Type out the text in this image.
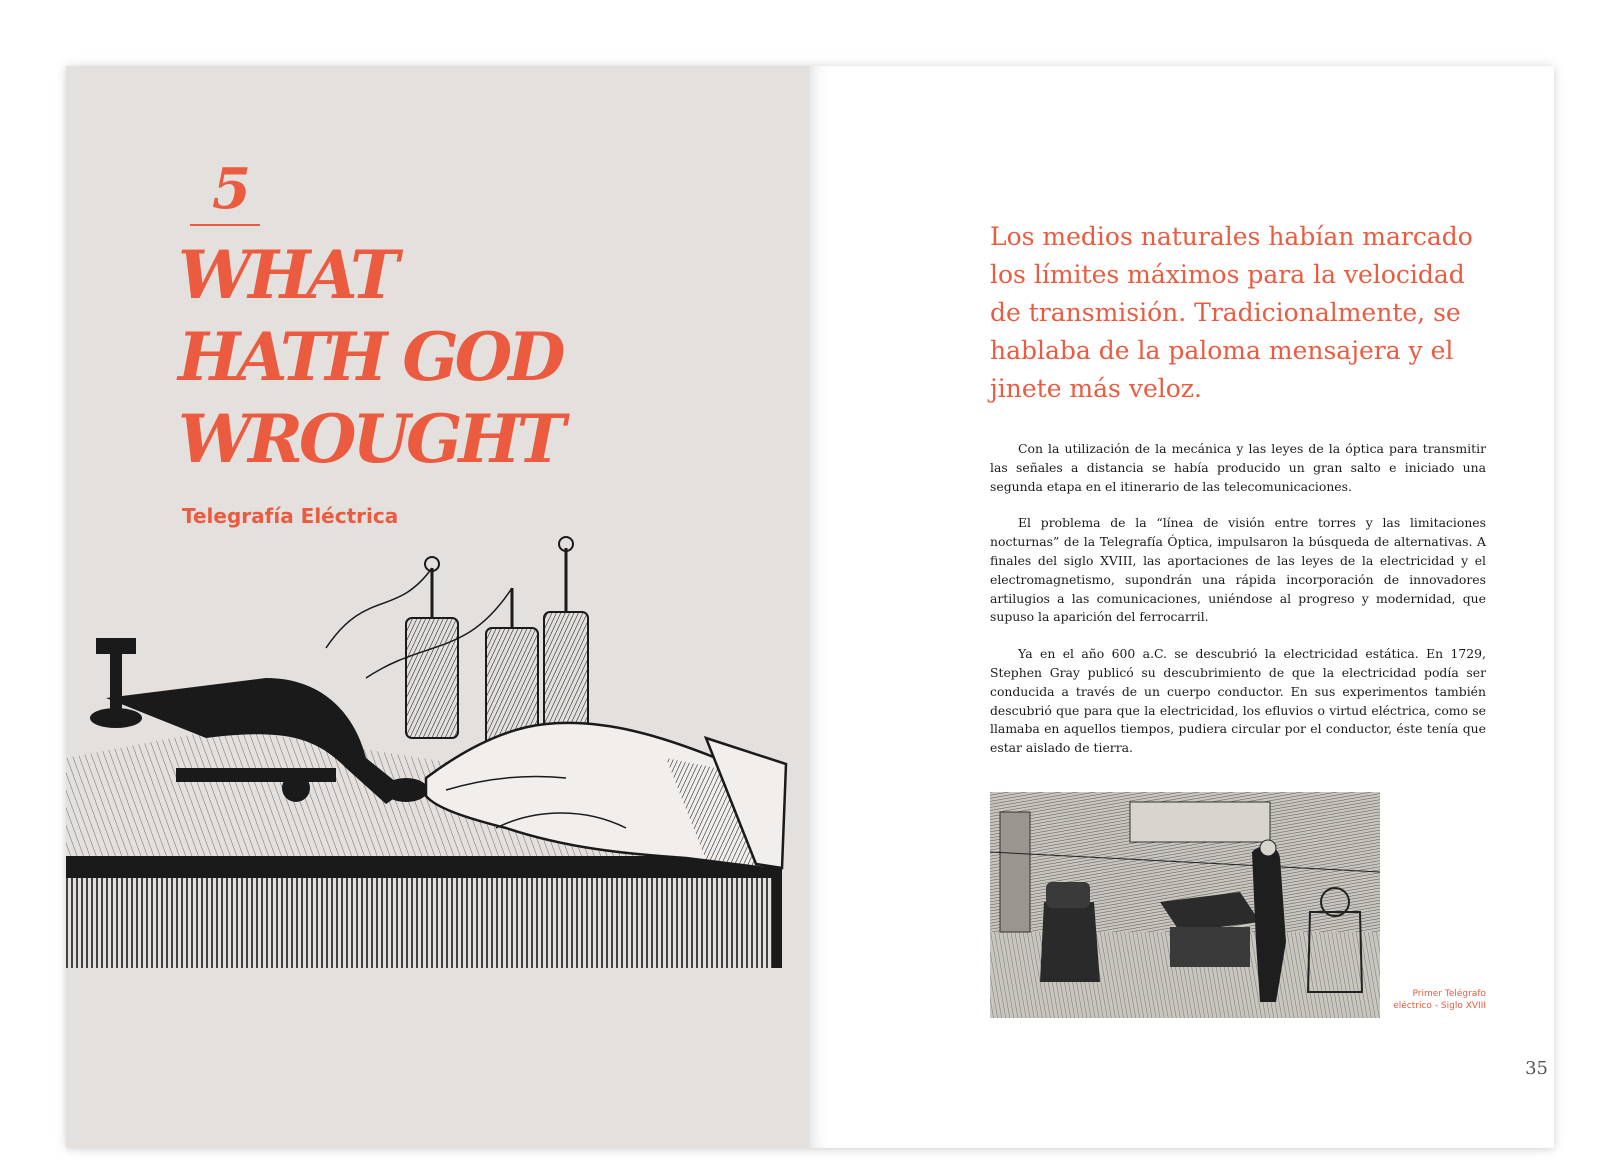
5
WHAT
HATH GOD
WROUGHT
Telegrafía Eléctrica

Los medios naturales habían marcado los límites máximos para la velocidad de transmisión. Tradicionalmente, se hablaba de la paloma mensajera y el jinete más veloz.

Con la utilización de la mecánica y las leyes de la óptica para transmitir las señales a distancia se había producido un gran salto e iniciado una segunda etapa en el itinerario de las telecomunicaciones.

El problema de la “línea de visión entre torres y las limitaciones nocturnas” de la Telegrafía Óptica, impulsaron la búsqueda de alternativas. A finales del siglo XVIII, las aportaciones de las leyes de la electricidad y el electromagnetismo, supondrán una rápida incorporación de innovadores artilugios a las comunicaciones, uniéndose al progreso y modernidad, que supuso la aparición del ferrocarril.

Ya en el año 600 a.C. se descubrió la electricidad estática. En 1729, Stephen Gray publicó su descubrimiento de que la electricidad podía ser conducida a través de un cuerpo conductor. En sus experimentos también descubrió que para que la electricidad, los efluvios o virtud eléctrica, como se llamaba en aquellos tiempos, pudiera circular por el conductor, éste tenía que estar aislado de tierra.

Primer Telégrafo
eléctrico - Siglo XVIII
35
